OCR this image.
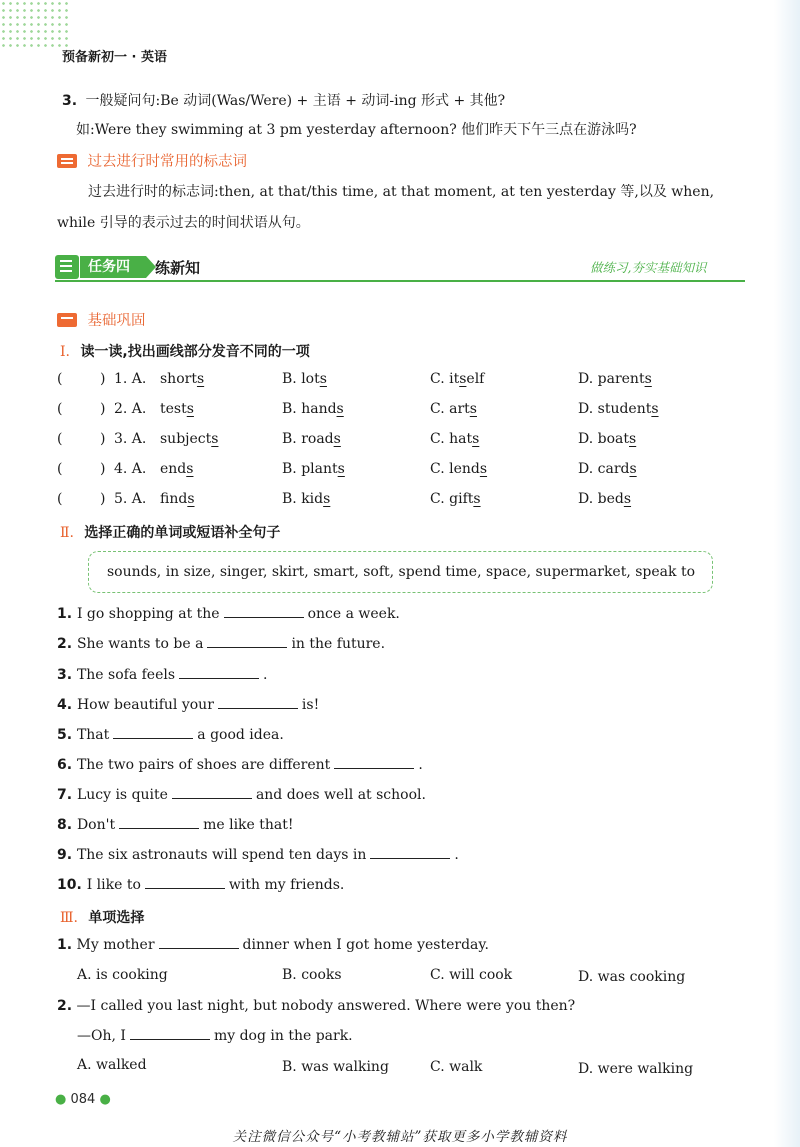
预备新初一 · 英语
3. 一般疑问句:Be 动词(Was/Were) + 主语 + 动词-ing 形式 + 其他?
如:Were they swimming at 3 pm yesterday afternoon? 他们昨天下午三点在游泳吗?
过去进行时常用的标志词
过去进行时的标志词:then, at that/this time, at that moment, at ten yesterday 等,以及 when,
while 引导的表示过去的时间状语从句。
任务四	练新知	做练习,夯实基础知识
基础巩固
Ⅰ. 读一读,找出画线部分发音不同的一项
(	) 1. A. shorts	B. lots	C. itself	D. parents
(	) 2. A. tests	B. hands	C. arts	D. students
(	) 3. A. subjects	B. roads	C. hats	D. boats
(	) 4. A. ends	B. plants	C. lends	D. cards
(	) 5. A. finds	B. kids	C. gifts	D. beds
Ⅱ. 选择正确的单词或短语补全句子
sounds, in size, singer, skirt, smart, soft, spend time, space, supermarket, speak to
1. I go shopping at the	once a week.
2. She wants to be a	in the future.
3. The sofa feels	.
4. How beautiful your	is!
5. That	a good idea.
6. The two pairs of shoes are different	.
7. Lucy is quite	and does well at school.
8. Don't	me like that!
9. The six astronauts will spend ten days in	.
10. I like to	with my friends.
Ⅲ. 单项选择
1. My mother	dinner when I got home yesterday.
A. is cooking	B. cooks	C. will cook	D. was cooking
2. —I called you last night, but nobody answered. Where were you then?
—Oh, I	my dog in the park.
A. walked	B. was walking	C. walk	D. were walking
● 084 ●
关注微信公众号“小考教辅站”获取更多小学教辅资料
